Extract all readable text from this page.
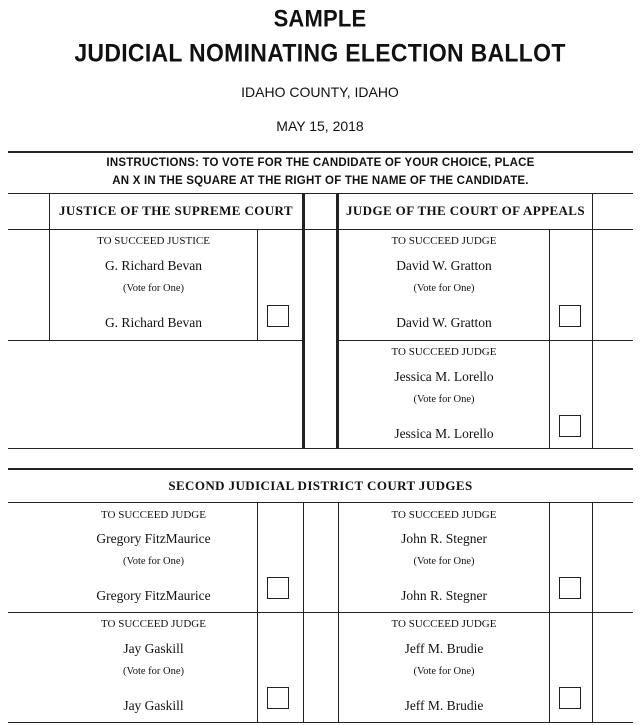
SAMPLE
JUDICIAL NOMINATING ELECTION BALLOT
IDAHO COUNTY, IDAHO
MAY 15, 2018
INSTRUCTIONS: TO VOTE FOR THE CANDIDATE OF YOUR CHOICE, PLACE
AN X IN THE SQUARE AT THE RIGHT OF THE NAME OF THE CANDIDATE.
JUSTICE OF THE SUPREME COURT	JUDGE OF THE COURT OF APPEALS
TO SUCCEED JUSTICE
G. Richard Bevan
(Vote for One)
G. Richard Bevan
TO SUCCEED JUDGE
David W. Gratton
(Vote for One)
David W. Gratton
TO SUCCEED JUDGE
Jessica M. Lorello
(Vote for One)
Jessica M. Lorello
SECOND JUDICIAL DISTRICT COURT JUDGES
TO SUCCEED JUDGE
Gregory FitzMaurice
(Vote for One)
Gregory FitzMaurice
TO SUCCEED JUDGE
John R. Stegner
(Vote for One)
John R. Stegner
TO SUCCEED JUDGE
Jay Gaskill
(Vote for One)
Jay Gaskill
TO SUCCEED JUDGE
Jeff M. Brudie
(Vote for One)
Jeff M. Brudie
